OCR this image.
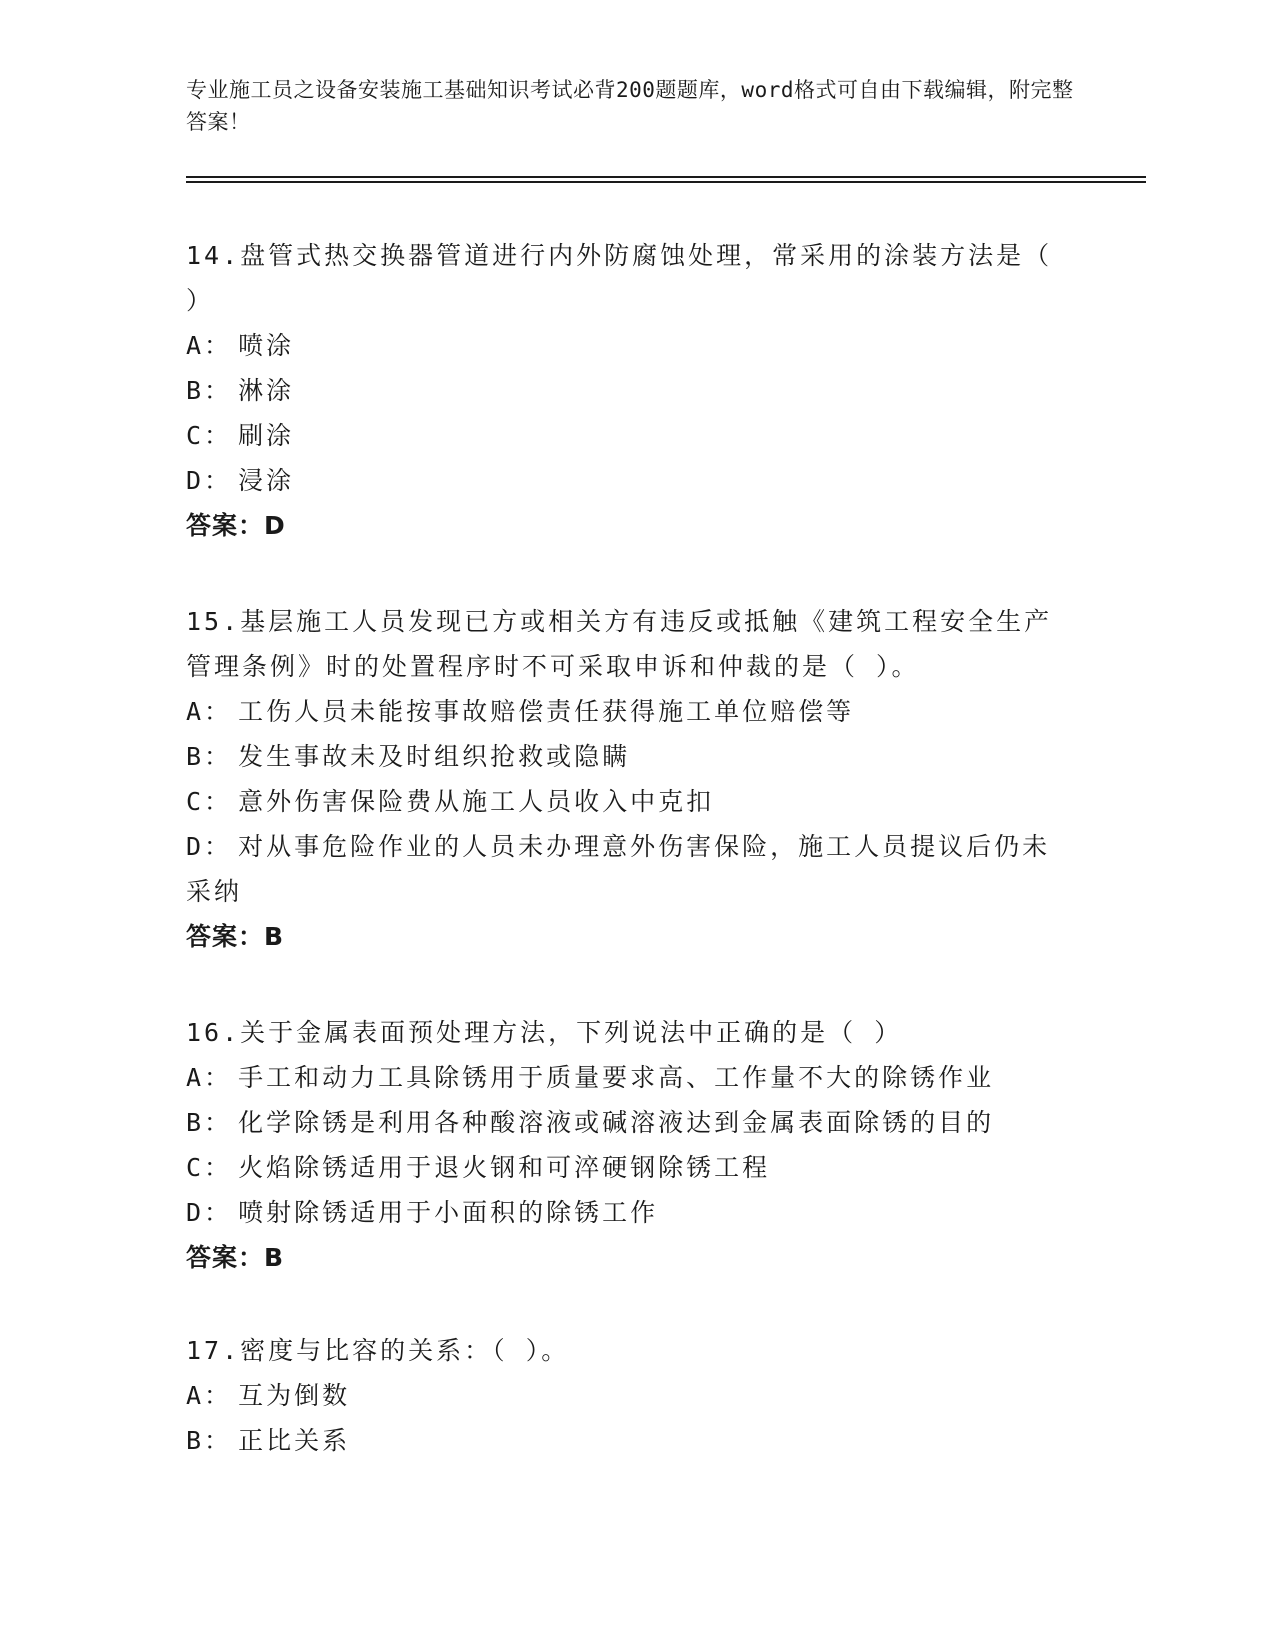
专业施工员之设备安装施工基础知识考试必背200题题库，word格式可自由下载编辑，附完整答案！
14.盘管式热交换器管道进行内外防腐蚀处理，常采用的涂装方法是（ ）
A： 喷涂
B： 淋涂
C： 刷涂
D： 浸涂
答案：D
15.基层施工人员发现已方或相关方有违反或抵触《建筑工程安全生产管理条例》时的处置程序时不可采取申诉和仲裁的是（ ）。
A： 工伤人员未能按事故赔偿责任获得施工单位赔偿等
B： 发生事故未及时组织抢救或隐瞒
C： 意外伤害保险费从施工人员收入中克扣
D： 对从事危险作业的人员未办理意外伤害保险，施工人员提议后仍未采纳
答案：B
16.关于金属表面预处理方法，下列说法中正确的是（ ）
A： 手工和动力工具除锈用于质量要求高、工作量不大的除锈作业
B： 化学除锈是利用各种酸溶液或碱溶液达到金属表面除锈的目的
C： 火焰除锈适用于退火钢和可淬硬钢除锈工程
D： 喷射除锈适用于小面积的除锈工作
答案：B
17.密度与比容的关系：（ ）。
A： 互为倒数
B： 正比关系
